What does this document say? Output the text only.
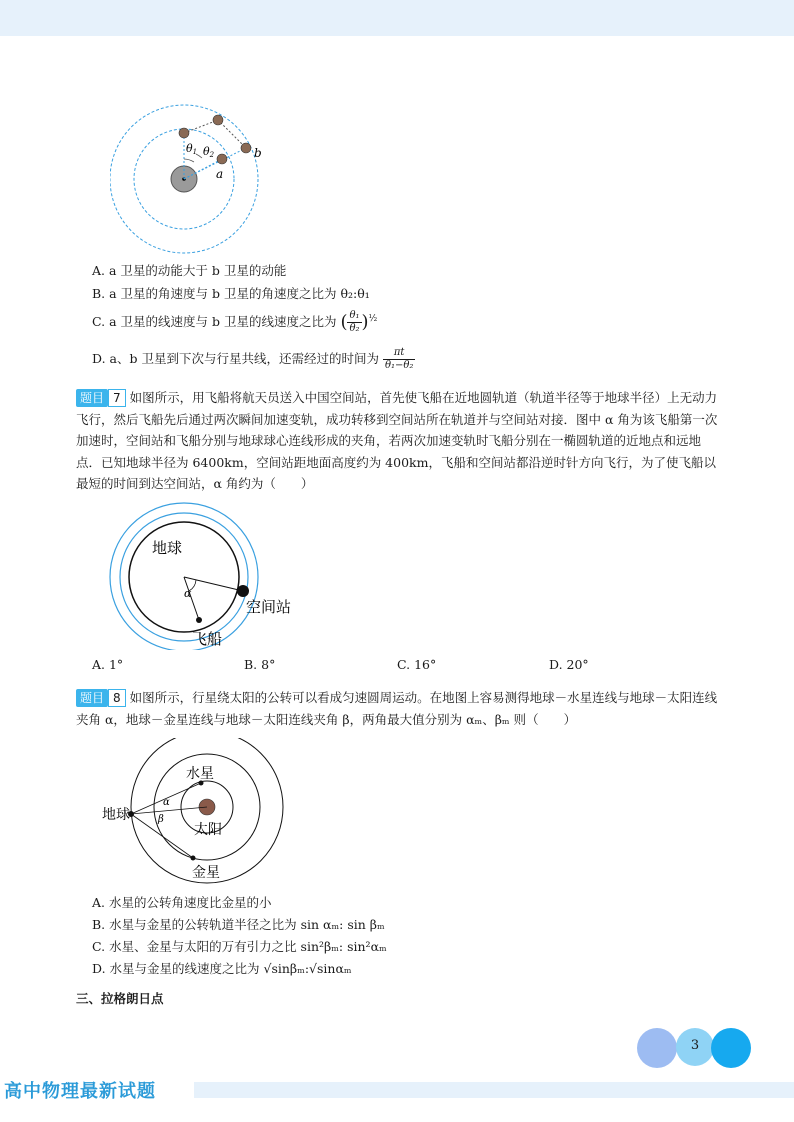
θ1 θ2
a
b
A. a 卫星的动能大于 b 卫星的动能
B. a 卫星的角速度与 b 卫星的角速度之比为 θ₂:θ₁
C. a 卫星的线速度与 b 卫星的线速度之比为 ( $\frac{\text{θ₁}}{\text{θ₂}} )^{\frac{1}{2}}$
D. a、b 卫星到下次与行星共线，还需经过的时间为 $\frac{\pi t}{\text{θ₁−θ₂}}$
题目 7 如图所示，用飞船将航天员送入中国空间站，首先使飞船在近地圆轨道（轨道半径等于地球半径）上无动力飞行，然后飞船先后通过两次瞬间加速变轨，成功转移到空间站所在轨道并与空间站对接．图中 α 角为该飞船第一次加速时，空间站和飞船分别与地球球心连线形成的夹角，若两次加速变轨时飞船分别在一椭圆轨道的近地点和远地点．已知地球半径为 6400km，空间站距地面高度约为 400km，飞船和空间站都沿逆时针方向飞行，为了使飞船以最短的时间到达空间站，α 角约为（　　）
地球
α
空间站
飞船
A. 1°	B. 8°	C. 16°	D. 20°
题目 8 如图所示，行星绕太阳的公转可以看成匀速圆周运动。在地图上容易测得地球－水星连线与地球－太阳连线夹角 α，地球－金星连线与地球－太阳连线夹角 β，两角最大值分别为 αₘ、βₘ 则（　　）
水星
地球
α
β
太阳
金星
A. 水星的公转角速度比金星的小
B. 水星与金星的公转轨道半径之比为 sin αₘ: sin βₘ
C. 水星、金星与太阳的万有引力之比 sin²βₘ: sin²αₘ
D. 水星与金星的线速度之比为 √sinβₘ:√sinαₘ
三、拉格朗日点
3
高中物理最新试题
